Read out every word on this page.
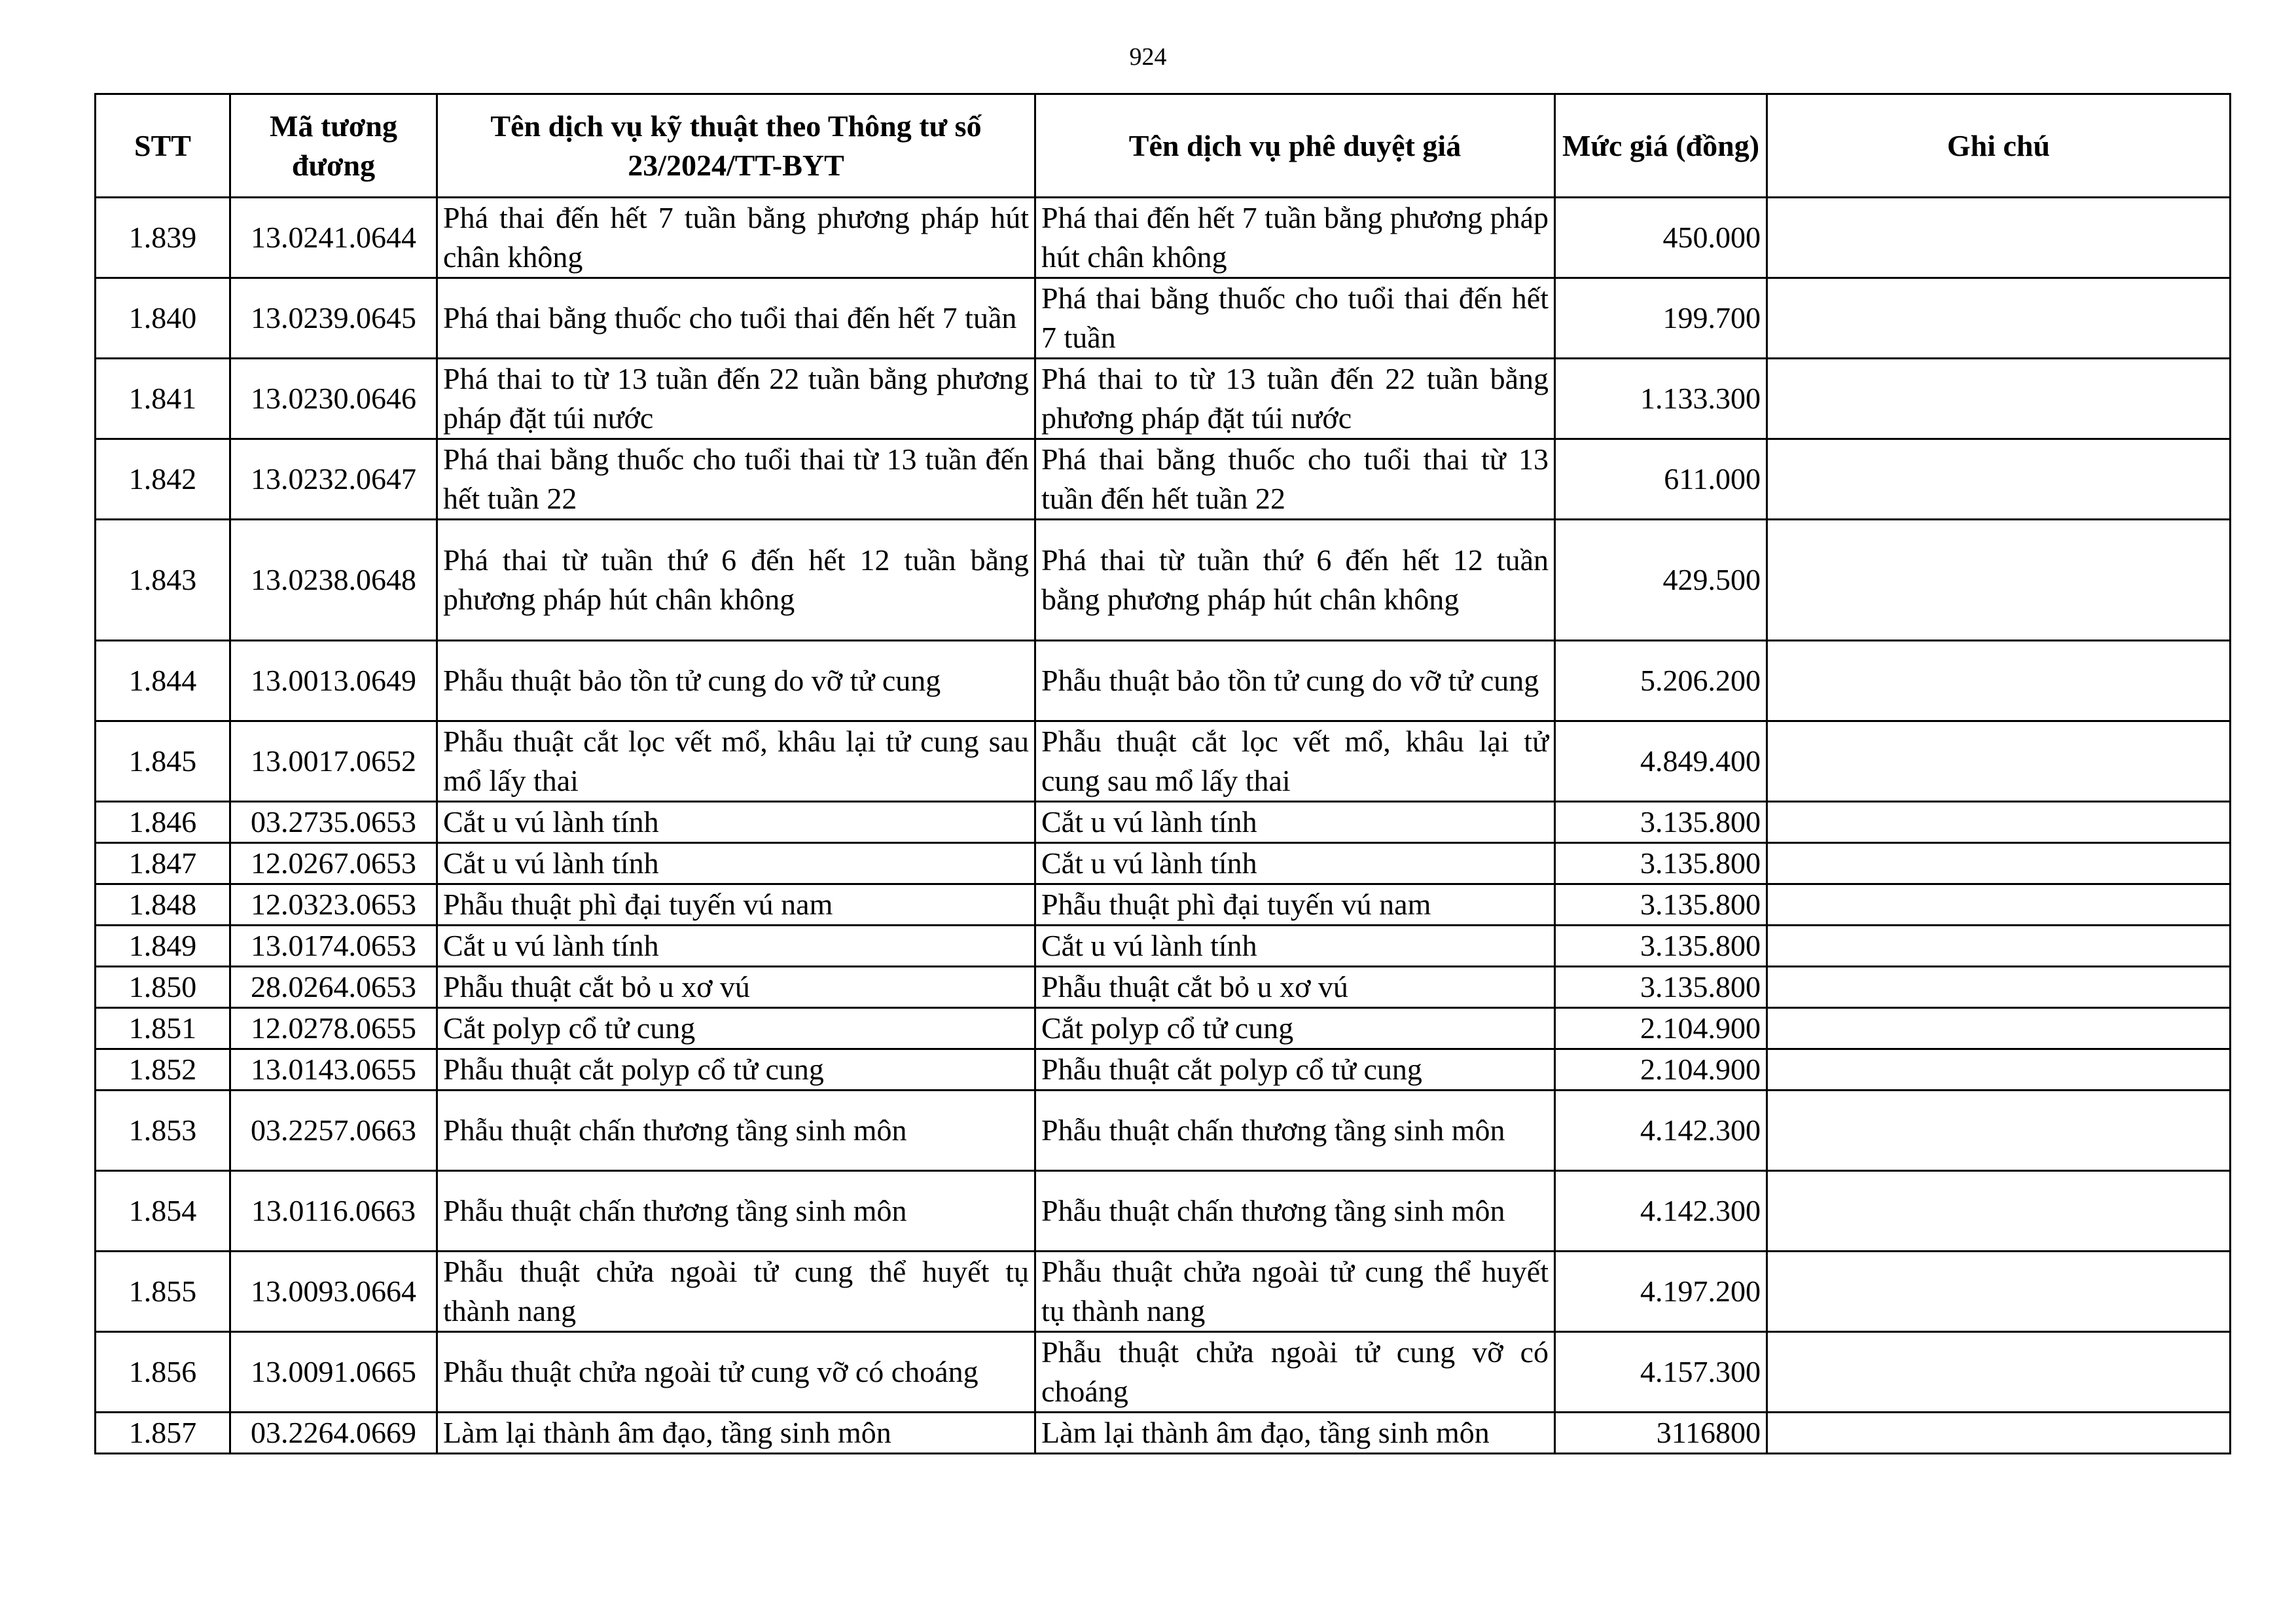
924
STT	Mã tương đương	Tên dịch vụ kỹ thuật theo Thông tư số 23/2024/TT-BYT	Tên dịch vụ phê duyệt giá	Mức giá (đồng)	Ghi chú
1.839	13.0241.0644	Phá thai đến hết 7 tuần bằng phương pháp hút chân không	Phá thai đến hết 7 tuần bằng phương pháp hút chân không	450.000	
1.840	13.0239.0645	Phá thai bằng thuốc cho tuổi thai đến hết 7 tuần	Phá thai bằng thuốc cho tuổi thai đến hết 7 tuần	199.700	
1.841	13.0230.0646	Phá thai to từ 13 tuần đến 22 tuần bằng phương pháp đặt túi nước	Phá thai to từ 13 tuần đến 22 tuần bằng phương pháp đặt túi nước	1.133.300	
1.842	13.0232.0647	Phá thai bằng thuốc cho tuổi thai từ 13 tuần đến hết tuần 22	Phá thai bằng thuốc cho tuổi thai từ 13 tuần đến hết tuần 22	611.000	
1.843	13.0238.0648	Phá thai từ tuần thứ 6 đến hết 12 tuần bằng phương pháp hút chân không	Phá thai từ tuần thứ 6 đến hết 12 tuần bằng phương pháp hút chân không	429.500	
1.844	13.0013.0649	Phẫu thuật bảo tồn tử cung do vỡ tử cung	Phẫu thuật bảo tồn tử cung do vỡ tử cung	5.206.200	
1.845	13.0017.0652	Phẫu thuật cắt lọc vết mổ, khâu lại tử cung sau mổ lấy thai	Phẫu thuật cắt lọc vết mổ, khâu lại tử cung sau mổ lấy thai	4.849.400	
1.846	03.2735.0653	Cắt u vú lành tính	Cắt u vú lành tính	3.135.800	
1.847	12.0267.0653	Cắt u vú lành tính	Cắt u vú lành tính	3.135.800	
1.848	12.0323.0653	Phẫu thuật phì đại tuyến vú nam	Phẫu thuật phì đại tuyến vú nam	3.135.800	
1.849	13.0174.0653	Cắt u vú lành tính	Cắt u vú lành tính	3.135.800	
1.850	28.0264.0653	Phẫu thuật cắt bỏ u xơ vú	Phẫu thuật cắt bỏ u xơ vú	3.135.800	
1.851	12.0278.0655	Cắt polyp cổ tử cung	Cắt polyp cổ tử cung	2.104.900	
1.852	13.0143.0655	Phẫu thuật cắt polyp cổ tử cung	Phẫu thuật cắt polyp cổ tử cung	2.104.900	
1.853	03.2257.0663	Phẫu thuật chấn thương tầng sinh môn	Phẫu thuật chấn thương tầng sinh môn	4.142.300	
1.854	13.0116.0663	Phẫu thuật chấn thương tầng sinh môn	Phẫu thuật chấn thương tầng sinh môn	4.142.300	
1.855	13.0093.0664	Phẫu thuật chửa ngoài tử cung thể huyết tụ thành nang	Phẫu thuật chửa ngoài tử cung thể huyết tụ thành nang	4.197.200	
1.856	13.0091.0665	Phẫu thuật chửa ngoài tử cung vỡ có choáng	Phẫu thuật chửa ngoài tử cung vỡ có choáng	4.157.300	
1.857	03.2264.0669	Làm lại thành âm đạo, tầng sinh môn	Làm lại thành âm đạo, tầng sinh môn	3116800	
